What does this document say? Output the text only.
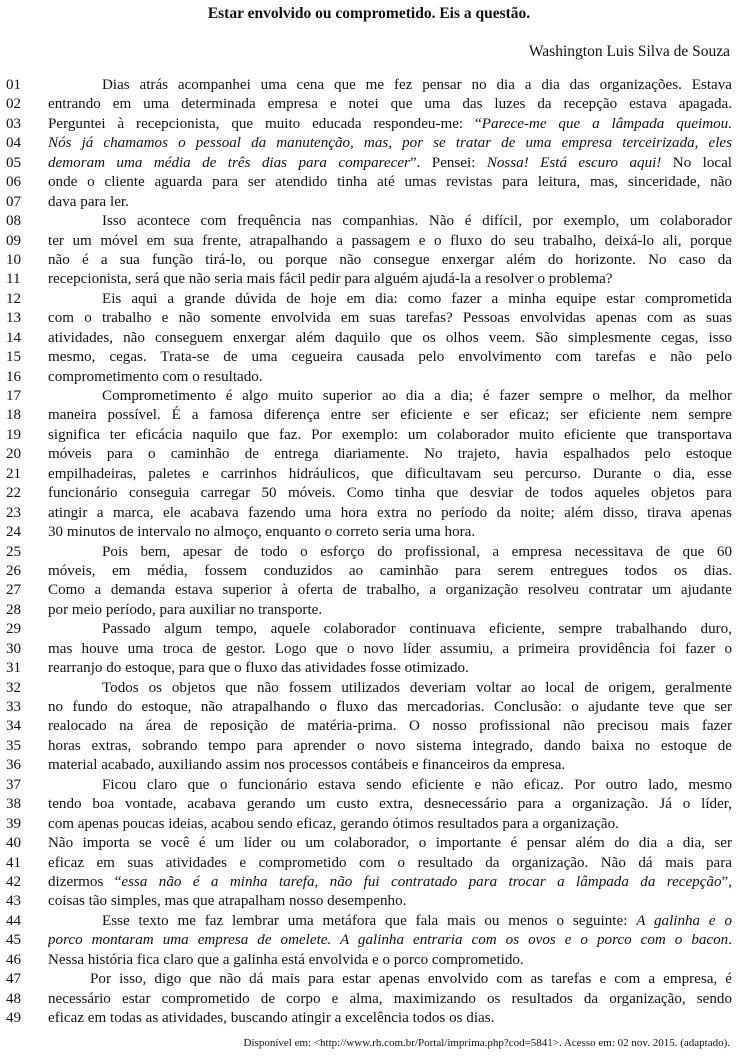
Estar envolvido ou comprometido. Eis a questão.
Washington Luis Silva de Souza
01	Dias atrás acompanhei uma cena que me fez pensar no dia a dia das organizações. Estava
02 entrando em uma determinada empresa e notei que uma das luzes da recepção estava apagada.
03 Perguntei à recepcionista, que muito educada respondeu-me: “Parece-me que a lâmpada queimou.
04 Nós já chamamos o pessoal da manutenção, mas, por se tratar de uma empresa terceirizada, eles
05 demoram uma média de três dias para comparecer”. Pensei: Nossa! Está escuro aqui! No local
06 onde o cliente aguarda para ser atendido tinha até umas revistas para leitura, mas, sinceridade, não
07 dava para ler.
08	Isso acontece com frequência nas companhias. Não é difícil, por exemplo, um colaborador
09 ter um móvel em sua frente, atrapalhando a passagem e o fluxo do seu trabalho, deixá-lo ali, porque
10 não é a sua função tirá-lo, ou porque não consegue enxergar além do horizonte. No caso da
11 recepcionista, será que não seria mais fácil pedir para alguém ajudá-la a resolver o problema?
12	Eis aqui a grande dúvida de hoje em dia: como fazer a minha equipe estar comprometida
13 com o trabalho e não somente envolvida em suas tarefas? Pessoas envolvidas apenas com as suas
14 atividades, não conseguem enxergar além daquilo que os olhos veem. São simplesmente cegas, isso
15 mesmo, cegas. Trata-se de uma cegueira causada pelo envolvimento com tarefas e não pelo
16 comprometimento com o resultado.
17	Comprometimento é algo muito superior ao dia a dia; é fazer sempre o melhor, da melhor
18 maneira possível. É a famosa diferença entre ser eficiente e ser eficaz; ser eficiente nem sempre
19 significa ter eficácia naquilo que faz. Por exemplo: um colaborador muito eficiente que transportava
20 móveis para o caminhão de entrega diariamente. No trajeto, havia espalhados pelo estoque
21 empilhadeiras, paletes e carrinhos hidráulicos, que dificultavam seu percurso. Durante o dia, esse
22 funcionário conseguia carregar 50 móveis. Como tinha que desviar de todos aqueles objetos para
23 atingir a marca, ele acabava fazendo uma hora extra no período da noite; além disso, tirava apenas
24 30 minutos de intervalo no almoço, enquanto o correto seria uma hora.
25	Pois bem, apesar de todo o esforço do profissional, a empresa necessitava de que 60
26 móveis, em média, fossem conduzidos ao caminhão para serem entregues todos os dias.
27 Como a demanda estava superior à oferta de trabalho, a organização resolveu contratar um ajudante
28 por meio período, para auxiliar no transporte.
29	Passado algum tempo, aquele colaborador continuava eficiente, sempre trabalhando duro,
30 mas houve uma troca de gestor. Logo que o novo líder assumiu, a primeira providência foi fazer o
31 rearranjo do estoque, para que o fluxo das atividades fosse otimizado.
32	Todos os objetos que não fossem utilizados deveriam voltar ao local de origem, geralmente
33 no fundo do estoque, não atrapalhando o fluxo das mercadorias. Conclusão: o ajudante teve que ser
34 realocado na área de reposição de matéria-prima. O nosso profissional não precisou mais fazer
35 horas extras, sobrando tempo para aprender o novo sistema integrado, dando baixa no estoque de
36 material acabado, auxiliando assim nos processos contábeis e financeiros da empresa.
37	Ficou claro que o funcionário estava sendo eficiente e não eficaz. Por outro lado, mesmo
38 tendo boa vontade, acabava gerando um custo extra, desnecessário para a organização. Já o líder,
39 com apenas poucas ideias, acabou sendo eficaz, gerando ótimos resultados para a organização.
40 Não importa se você é um líder ou um colaborador, o importante é pensar além do dia a dia, ser
41 eficaz em suas atividades e comprometido com o resultado da organização. Não dá mais para
42 dizermos “essa não é a minha tarefa, não fui contratado para trocar a lâmpada da recepção”,
43 coisas tão simples, mas que atrapalham nosso desempenho.
44	Esse texto me faz lembrar uma metáfora que fala mais ou menos o seguinte: A galinha e o
45 porco montaram uma empresa de omelete. A galinha entraria com os ovos e o porco com o bacon.
46 Nessa história fica claro que a galinha está envolvida e o porco comprometido.
47	Por isso, digo que não dá mais para estar apenas envolvido com as tarefas e com a empresa, é
48 necessário estar comprometido de corpo e alma, maximizando os resultados da organização, sendo
49 eficaz em todas as atividades, buscando atingir a excelência todos os dias.
Disponível em: <http://www.rh.com.br/Portal/imprima.php?cod=5841>. Acesso em: 02 nov. 2015. (adaptado).
